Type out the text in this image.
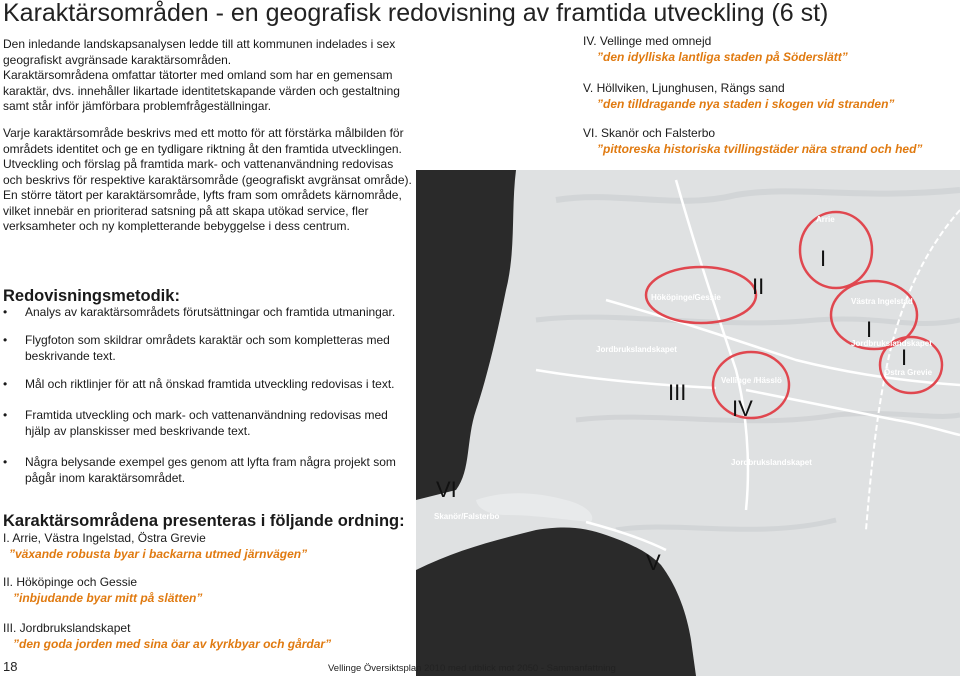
Karaktärsområden - en geografisk redovisning av framtida utveckling (6 st)

Den inledande landskapsanalysen ledde till att kommunen indelades i sex geografiskt avgränsade karaktärsområden.

Karaktärsområdena omfattar tätorter med omland som har en gemensam karaktär, dvs. innehåller likartade identitetskapande värden och gestaltning samt står inför jämförbara problemfrågeställningar.

Varje karaktärsområde beskrivs med ett motto för att förstärka målbilden för områdets identitet och ge en tydligare riktning åt den framtida utvecklingen.

Utveckling och förslag på framtida mark- och vattenanvändning redovisas och beskrivs för respektive karaktärsområde (geografiskt avgränsat område).

En större tätort per karaktärsområde, lyfts fram som områdets kärnområde, vilket innebär en prioriterad satsning på att skapa utökad service, fler verksamheter och ny kompletterande bebyggelse i dess centrum.

Redovisningsmetodik:
•	Analys av karaktärsområdets förutsättningar och framtida utmaningar.
•	Flygfoton som skildrar områdets karaktär och som kompletteras med beskrivande text.
•	Mål och riktlinjer för att nå önskad framtida utveckling redovisas i text.
•	Framtida utveckling och mark- och vattenanvändning redovisas med hjälp av planskisser med beskrivande text.
•	Några belysande exempel ges genom att lyfta fram några projekt som pågår inom karaktärsområdet.
Karaktärsområdena presenteras i följande ordning:
I. Arrie, Västra Ingelstad, Östra Grevie
”växande robusta byar i backarna utmed järnvägen”
II. Hököpinge och Gessie
”inbjudande byar mitt på slätten”
III. Jordbrukslandskapet
”den goda jorden med sina öar av kyrkbyar och gårdar”
IV. Vellinge med omnejd
”den idylliska lantliga staden på Söderslätt”
V. Höllviken, Ljunghusen, Rängs sand
”den tilldragande nya staden i skogen vid stranden”
VI. Skanör och Falsterbo
”pittoreska historiska tvillingstäder nära strand och hed”
Arrie
Hököpinge/Gessie	Västra Ingelstad
Jordbrukslandskapet
Jordbrukslandskapet
Östra Grevie
Vellinge /Hässlö
Jordbrukslandskapet
Skanör/Falsterbo
I
II
I
I
III
IV
VI
V
18	Vellinge Översiktsplan 2010 med utblick mot 2050 - Sammanfattning
